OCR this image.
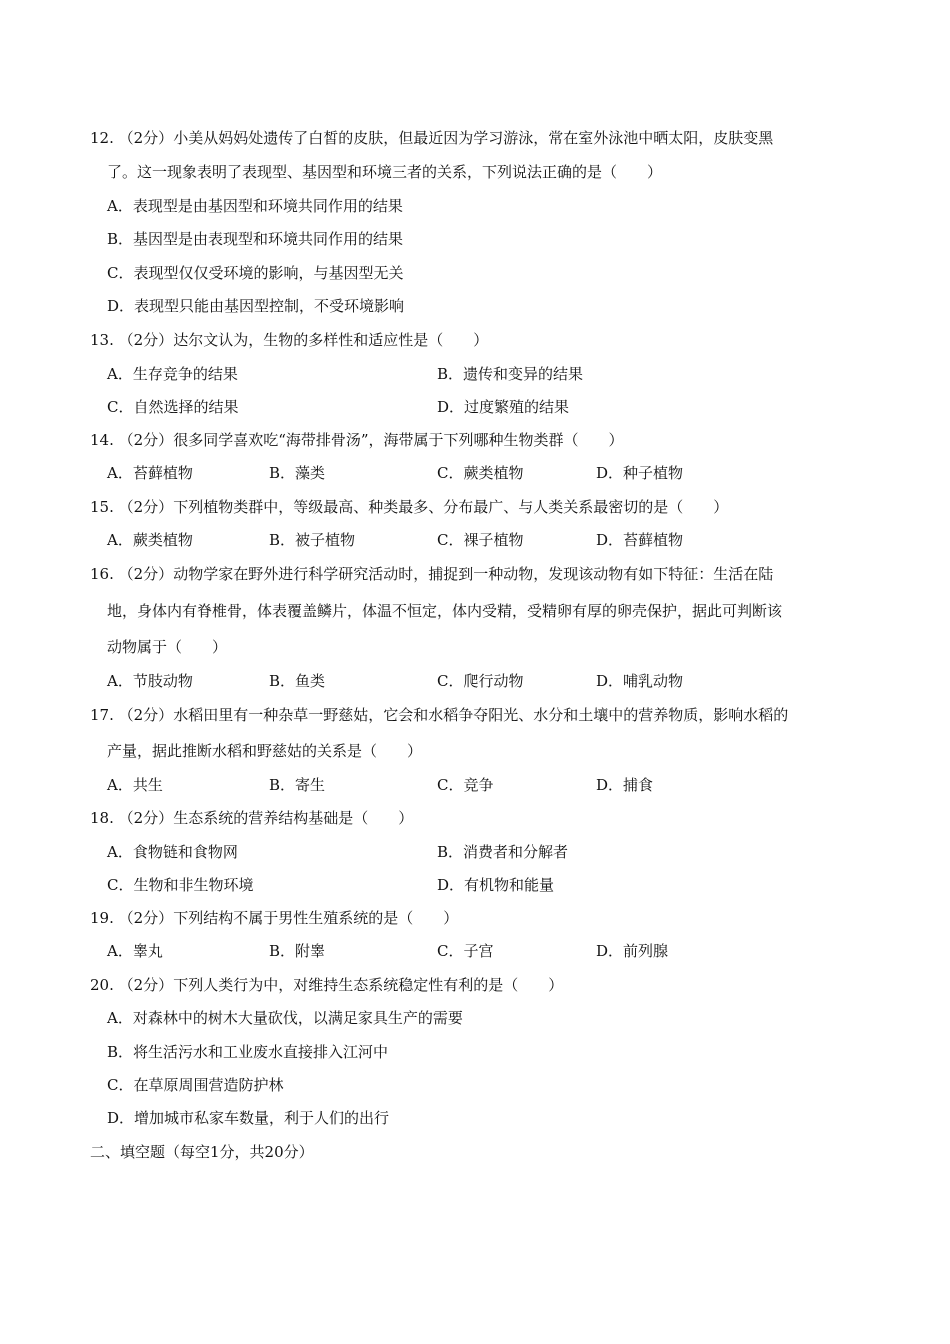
12. （2分）小美从妈妈处遗传了白皙的皮肤，但最近因为学习游泳，常在室外泳池中晒太阳，皮肤变黑
了。这一现象表明了表现型、基因型和环境三者的关系，下列说法正确的是（　　）
A．表现型是由基因型和环境共同作用的结果
B．基因型是由表现型和环境共同作用的结果
C．表现型仅仅受环境的影响，与基因型无关
D．表现型只能由基因型控制，不受环境影响
13. （2分）达尔文认为，生物的多样性和适应性是（　　）
A．生存竞争的结果	B．遗传和变异的结果
C．自然选择的结果	D．过度繁殖的结果
14. （2分）很多同学喜欢吃“海带排骨汤”，海带属于下列哪种生物类群（　　）
A．苔藓植物	B．藻类	C．蕨类植物	D．种子植物
15. （2分）下列植物类群中，等级最高、种类最多、分布最广、与人类关系最密切的是（　　）
A．蕨类植物	B．被子植物	C．裸子植物	D．苔藓植物
16. （2分）动物学家在野外进行科学研究活动时，捕捉到一种动物，发现该动物有如下特征：生活在陆
地，身体内有脊椎骨，体表覆盖鳞片，体温不恒定，体内受精，受精卵有厚的卵壳保护，据此可判断该
动物属于（　　）
A．节肢动物	B．鱼类	C．爬行动物	D．哺乳动物
17. （2分）水稻田里有一种杂草一野慈姑，它会和水稻争夺阳光、水分和土壤中的营养物质，影响水稻的
产量，据此推断水稻和野慈姑的关系是（　　）
A．共生	B．寄生	C．竞争	D．捕食
18. （2分）生态系统的营养结构基础是（　　）
A．食物链和食物网	B．消费者和分解者
C．生物和非生物环境	D．有机物和能量
19. （2分）下列结构不属于男性生殖系统的是（　　）
A．睾丸	B．附睾	C．子宫	D．前列腺
20. （2分）下列人类行为中，对维持生态系统稳定性有利的是（　　）
A．对森林中的树木大量砍伐，以满足家具生产的需要
B．将生活污水和工业废水直接排入江河中
C．在草原周围营造防护林
D．增加城市私家车数量，利于人们的出行
二、填空题（每空1分，共20分）
